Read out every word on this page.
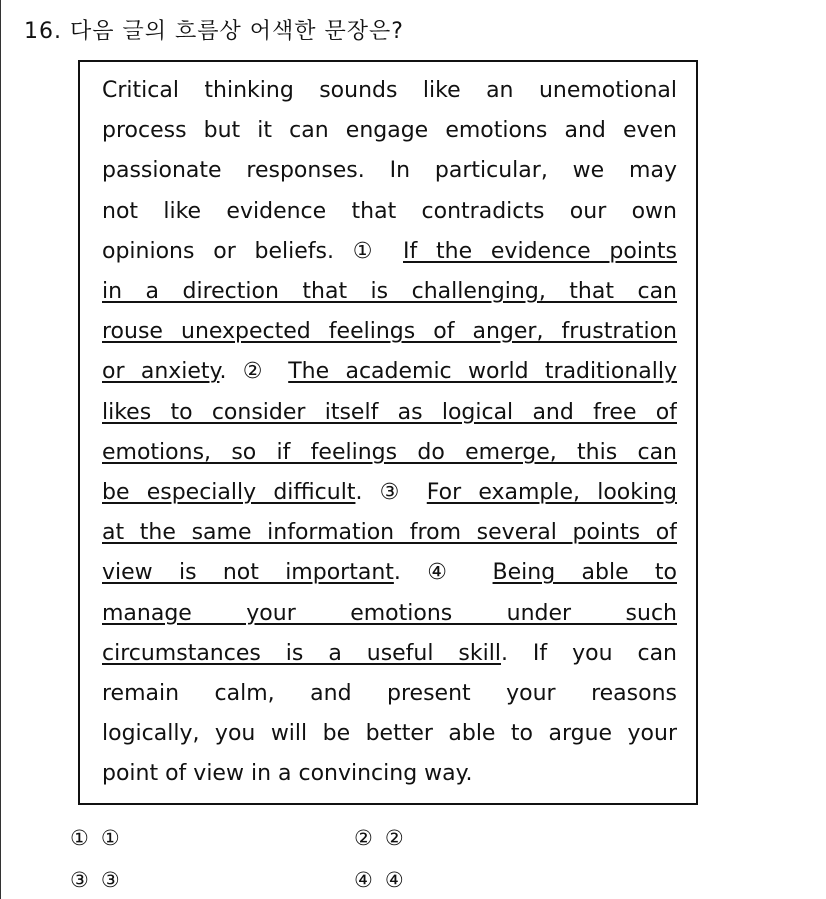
16. 다음 글의 흐름상 어색한 문장은?
Critical thinking sounds like an unemotional
process but it can engage emotions and even
passionate responses. In particular, we may
not like evidence that contradicts our own
opinions or beliefs. ① If the evidence points
in a direction that is challenging, that can
rouse unexpected feelings of anger, frustration
or anxiety. ② The academic world traditionally
likes to consider itself as logical and free of
emotions, so if feelings do emerge, this can
be especially difficult. ③ For example, looking
at the same information from several points of
view is not important. ④ Being able to
manage your emotions under such
circumstances is a useful skill. If you can
remain calm, and present your reasons
logically, you will be better able to argue your
point of view in a convincing way.
① ①	② ②
③ ③	④ ④
